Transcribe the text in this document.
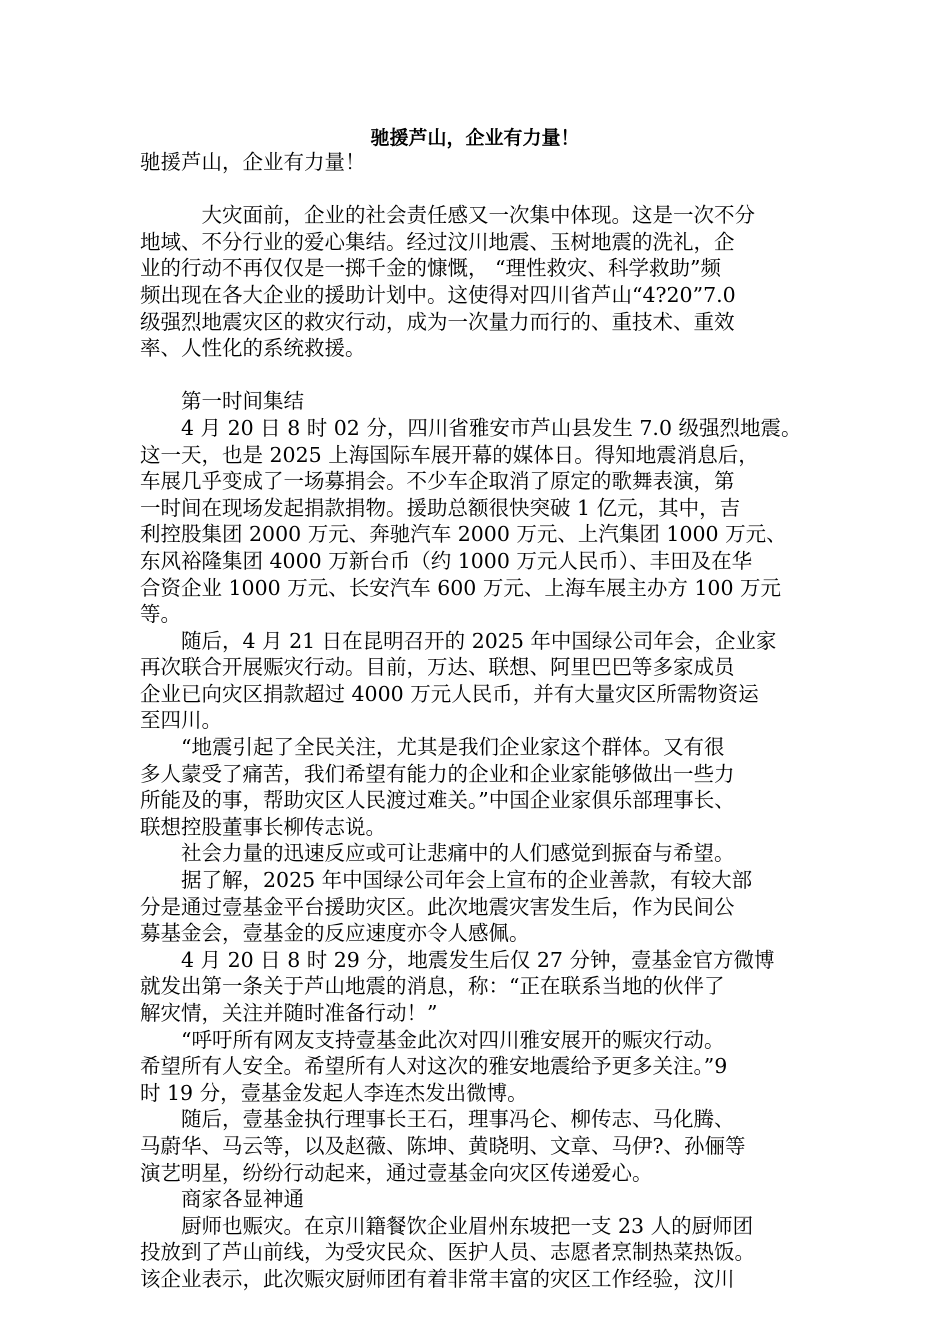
驰援芦山，企业有力量！

驰援芦山，企业有力量！

大灾面前，企业的社会责任感又一次集中体现。这是一次不分

地域、不分行业的爱心集结。经过汶川地震、玉树地震的洗礼，企

业的行动不再仅仅是一掷千金的慷慨， “理性救灾、科学救助”频

频出现在各大企业的援助计划中。这使得对四川省芦山“4?20”7.0

级强烈地震灾区的救灾行动，成为一次量力而行的、重技术、重效

率、人性化的系统救援。

第一时间集结

4 月 20 日 8 时 02 分，四川省雅安市芦山县发生 7.0 级强烈地震。

这一天，也是 2025 上海国际车展开幕的媒体日。得知地震消息后，

车展几乎变成了一场募捐会。不少车企取消了原定的歌舞表演，第

一时间在现场发起捐款捐物。援助总额很快突破 1 亿元，其中，吉

利控股集团 2000 万元、奔驰汽车 2000 万元、上汽集团 1000 万元、

东风裕隆集团 4000 万新台币（约 1000 万元人民币）、丰田及在华

合资企业 1000 万元、长安汽车 600 万元、上海车展主办方 100 万元

等。

随后，4 月 21 日在昆明召开的 2025 年中国绿公司年会，企业家

再次联合开展赈灾行动。目前，万达、联想、阿里巴巴等多家成员

企业已向灾区捐款超过 4000 万元人民币，并有大量灾区所需物资运

至四川。

“地震引起了全民关注，尤其是我们企业家这个群体。又有很

多人蒙受了痛苦，我们希望有能力的企业和企业家能够做出一些力

所能及的事，帮助灾区人民渡过难关。”中国企业家俱乐部理事长、

联想控股董事长柳传志说。

社会力量的迅速反应或可让悲痛中的人们感觉到振奋与希望。

据了解，2025 年中国绿公司年会上宣布的企业善款，有较大部

分是通过壹基金平台援助灾区。此次地震灾害发生后，作为民间公

募基金会，壹基金的反应速度亦令人感佩。

4 月 20 日 8 时 29 分，地震发生后仅 27 分钟，壹基金官方微博

就发出第一条关于芦山地震的消息，称：“正在联系当地的伙伴了

解灾情，关注并随时准备行动！”

“呼吁所有网友支持壹基金此次对四川雅安展开的赈灾行动。

希望所有人安全。希望所有人对这次的雅安地震给予更多关注。”9

时 19 分，壹基金发起人李连杰发出微博。

随后，壹基金执行理事长王石，理事冯仑、柳传志、马化腾、

马蔚华、马云等，以及赵薇、陈坤、黄晓明、文章、马伊?、孙俪等

演艺明星，纷纷行动起来，通过壹基金向灾区传递爱心。

商家各显神通

厨师也赈灾。在京川籍餐饮企业眉州东坡把一支 23 人的厨师团

投放到了芦山前线，为受灾民众、医护人员、志愿者烹制热菜热饭。

该企业表示，此次赈灾厨师团有着非常丰富的灾区工作经验，汶川
